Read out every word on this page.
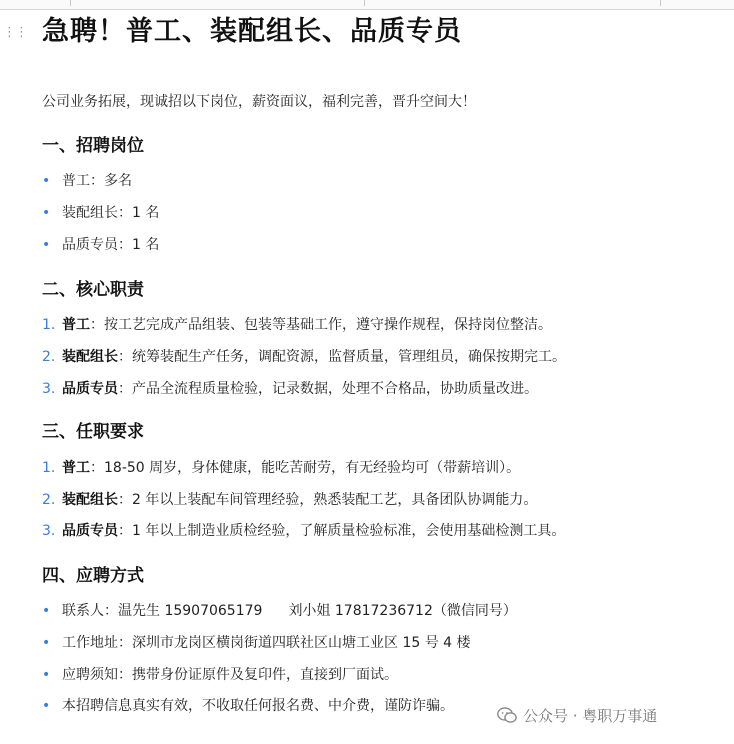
⋮⋮ 急聘！普工、装配组长、品质专员

公司业务拓展，现诚招以下岗位，薪资面议，福利完善，晋升空间大！

一、招聘岗位
• 普工：多名
• 装配组长：1 名
• 品质专员：1 名
二、核心职责
1. 普工：按工艺完成产品组装、包装等基础工作，遵守操作规程，保持岗位整洁。
2. 装配组长：统筹装配生产任务，调配资源，监督质量，管理组员，确保按期完工。
3. 品质专员：产品全流程质量检验，记录数据，处理不合格品，协助质量改进。
三、任职要求
1. 普工：18-50 周岁，身体健康，能吃苦耐劳，有无经验均可（带薪培训）。
2. 装配组长：2 年以上装配车间管理经验，熟悉装配工艺，具备团队协调能力。
3. 品质专员：1 年以上制造业质检经验，了解质量检验标准，会使用基础检测工具。
四、应聘方式
• 联系人：温先生 15907065179 刘小姐 17817236712（微信同号）
• 工作地址：深圳市龙岗区横岗街道四联社区山塘工业区 15 号 4 楼
• 应聘须知：携带身份证原件及复印件，直接到厂面试。
• 本招聘信息真实有效，不收取任何报名费、中介费，谨防诈骗。
公众号 · 粤职万事通
